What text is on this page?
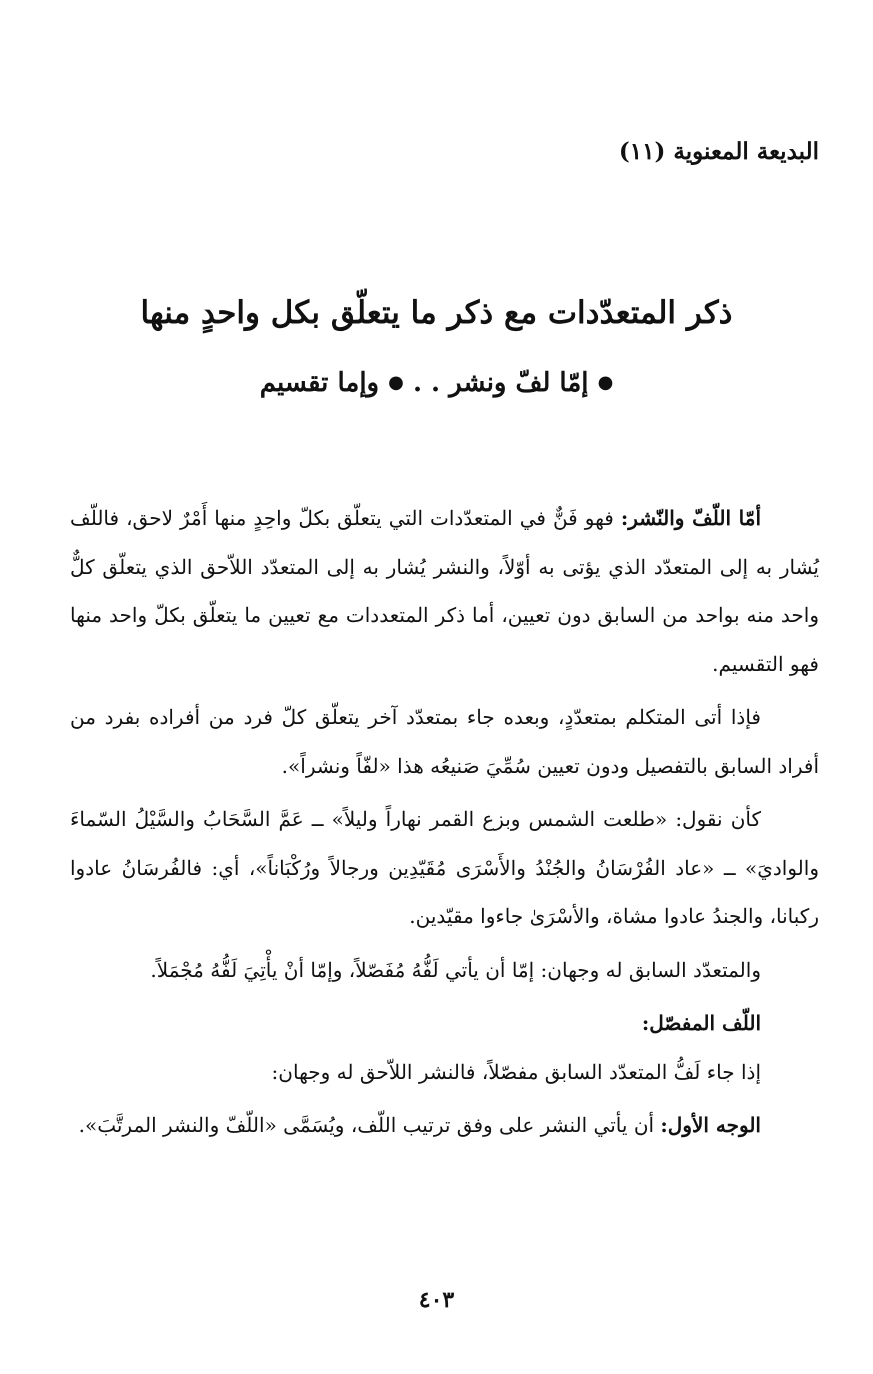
البديعة المعنوية (١١)
ذكر المتعدّدات مع ذكر ما يتعلّق بكل واحدٍ منها
● إمّا لفّ ونشر . . ● وإما تقسيم

أمّا اللّفّ والنّشر: فهو فَنٌّ في المتعدّدات التي يتعلّق بكلّ واحِدٍ منها أَمْرٌ لاحق، فاللّف يُشار به إلى المتعدّد الذي يؤتى به أوّلاً، والنشر يُشار به إلى المتعدّد اللاّحق الذي يتعلّق كلٌّ واحد منه بواحد من السابق دون تعيين، أما ذكر المتعددات مع تعيين ما يتعلّق بكلّ واحد منها فهو التقسيم.

فإذا أتى المتكلم بمتعدّدٍ، وبعده جاء بمتعدّد آخر يتعلّق كلّ فرد من أفراده بفرد من أفراد السابق بالتفصيل ودون تعيين سُمِّيَ صَنيعُه هذا «لفّاً ونشراً».

كأن نقول: «طلعت الشمس وبزع القمر نهاراً وليلاً» ــ عَمَّ السَّحَابُ والسَّيْلُ السّماءَ والواديَ» ــ «عاد الفُرْسَانُ والجُنْدُ والأَسْرَى مُقَيّدِين ورجالاً ورُكْبَاناً»، أي: فالفُرسَانُ عادوا ركبانا، والجندُ عادوا مشاة، والأسْرَىٰ جاءوا مقيّدين.

والمتعدّد السابق له وجهان: إمّا أن يأتي لَفُّهُ مُفَصّلاً، وإمّا أنْ يأْتِيَ لَفُّهُ مُجْمَلاً.

اللّف المفصّل:

إذا جاء لَفُّ المتعدّد السابق مفصّلاً، فالنشر اللاّحق له وجهان:

الوجه الأول: أن يأتي النشر على وفق ترتيب اللّف، ويُسَمَّى «اللّفّ والنشر المرتَّبَ».

٤٠٣
